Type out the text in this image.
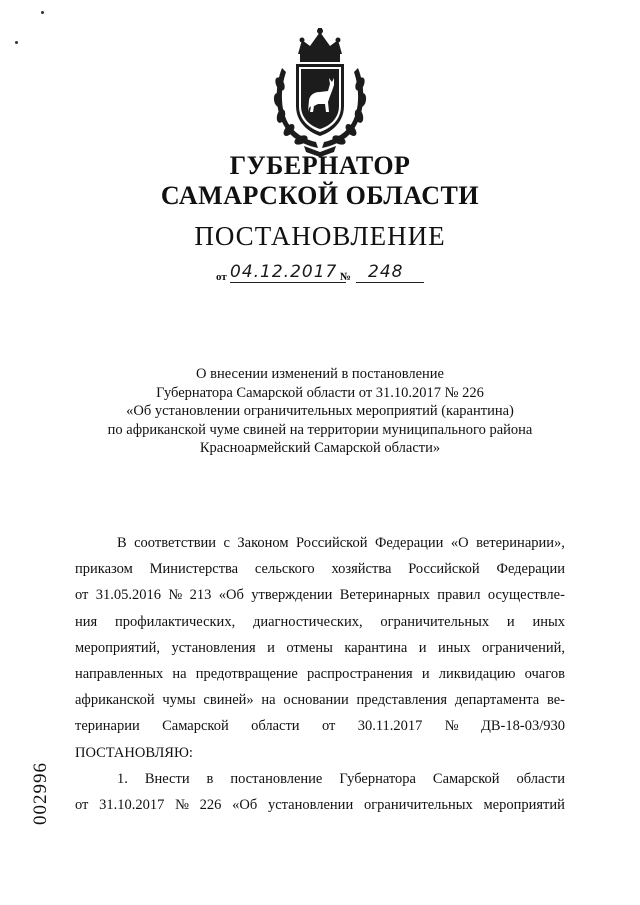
ГУБЕРНАТОР
САМАРСКОЙ ОБЛАСТИ
ПОСТАНОВЛЕНИЕ
от 04.12.2017 № 248
О внесении изменений в постановление
Губернатора Самарской области от 31.10.2017 № 226
«Об установлении ограничительных мероприятий (карантина)
по африканской чуме свиней на территории муниципального района
Красноармейский Самарской области»
В соответствии с Законом Российской Федерации «О ветеринарии»,
приказом Министерства сельского хозяйства Российской Федерации
от 31.05.2016 № 213 «Об утверждении Ветеринарных правил осуществле-
ния профилактических, диагностических, ограничительных и иных
мероприятий, установления и отмены карантина и иных ограничений,
направленных на предотвращение распространения и ликвидацию очагов
африканской чумы свиней» на основании представления департамента ве-
теринарии Самарской области от 30.11.2017 № ДВ-18-03/930
ПОСТАНОВЛЯЮ:
1. Внести в постановление Губернатора Самарской области
от 31.10.2017 № 226 «Об установлении ограничительных мероприятий
002996
